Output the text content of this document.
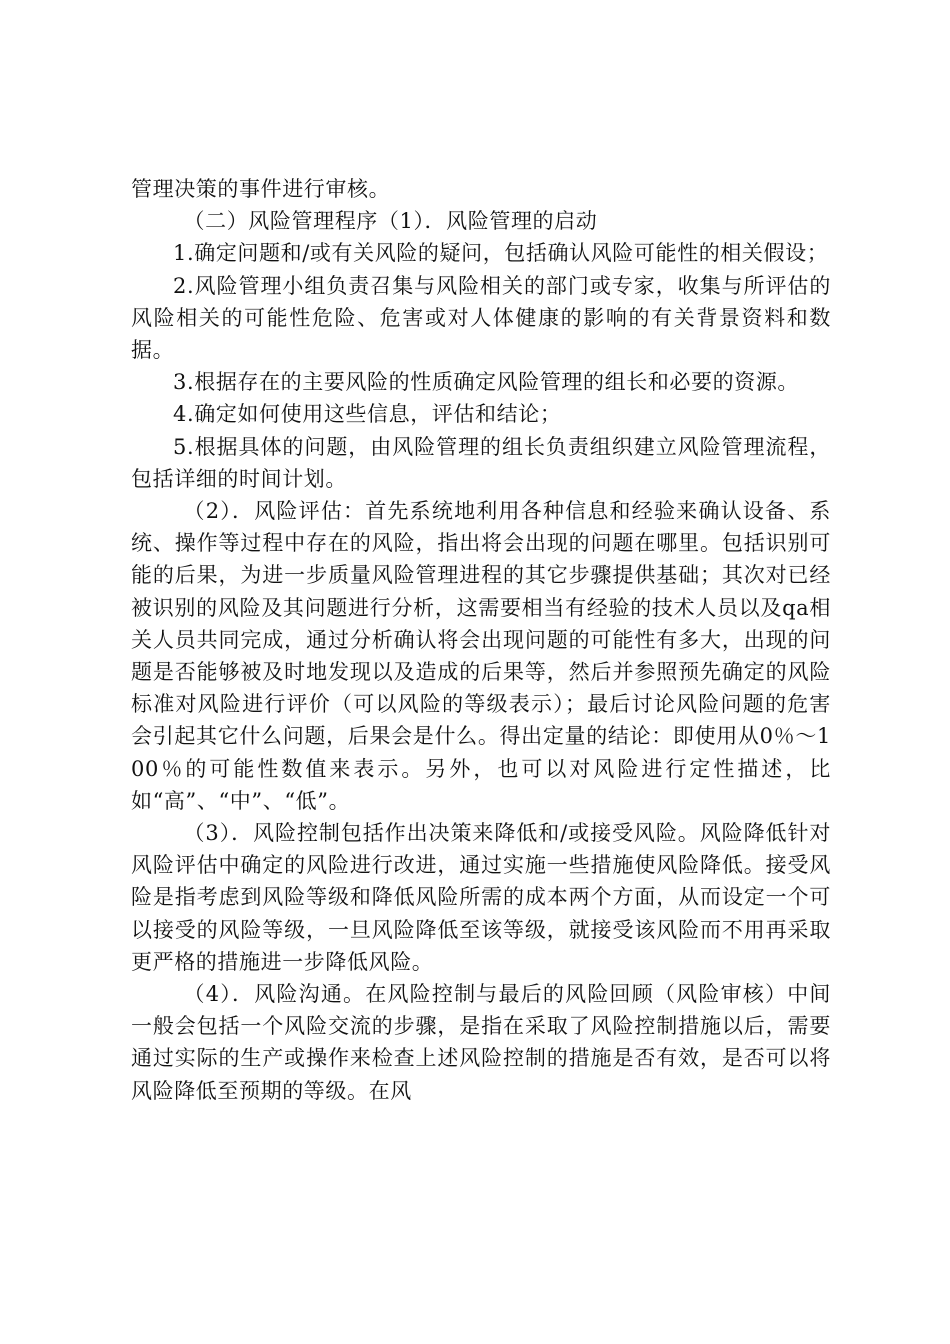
管理决策的事件进行审核。

（二）风险管理程序（1）．风险管理的启动

1.确定问题和/或有关风险的疑问，包括确认风险可能性的相关假设；

2.风险管理小组负责召集与风险相关的部门或专家，收集与所评估的风险相关的可能性危险、危害或对人体健康的影响的有关背景资料和数据。

3.根据存在的主要风险的性质确定风险管理的组长和必要的资源。

4.确定如何使用这些信息，评估和结论；

5.根据具体的问题，由风险管理的组长负责组织建立风险管理流程，包括详细的时间计划。

（2）．风险评估：首先系统地利用各种信息和经验来确认设备、系统、操作等过程中存在的风险，指出将会出现的问题在哪里。包括识别可能的后果，为进一步质量风险管理进程的其它步骤提供基础；其次对已经被识别的风险及其问题进行分析，这需要相当有经验的技术人员以及qa相关人员共同完成，通过分析确认将会出现问题的可能性有多大，出现的问题是否能够被及时地发现以及造成的后果等，然后并参照预先确定的风险标准对风险进行评价（可以风险的等级表示）；最后讨论风险问题的危害会引起其它什么问题，后果会是什么。得出定量的结论：即使用从0％～100％的可能性数值来表示。另外，也可以对风险进行定性描述，比如“高”、“中”、“低”。

（3）．风险控制包括作出决策来降低和/或接受风险。风险降低针对风险评估中确定的风险进行改进，通过实施一些措施使风险降低。接受风险是指考虑到风险等级和降低风险所需的成本两个方面，从而设定一个可以接受的风险等级，一旦风险降低至该等级，就接受该风险而不用再采取更严格的措施进一步降低风险。

（4）．风险沟通。在风险控制与最后的风险回顾（风险审核）中间一般会包括一个风险交流的步骤，是指在采取了风险控制措施以后，需要通过实际的生产或操作来检查上述风险控制的措施是否有效，是否可以将风险降低至预期的等级。在风
